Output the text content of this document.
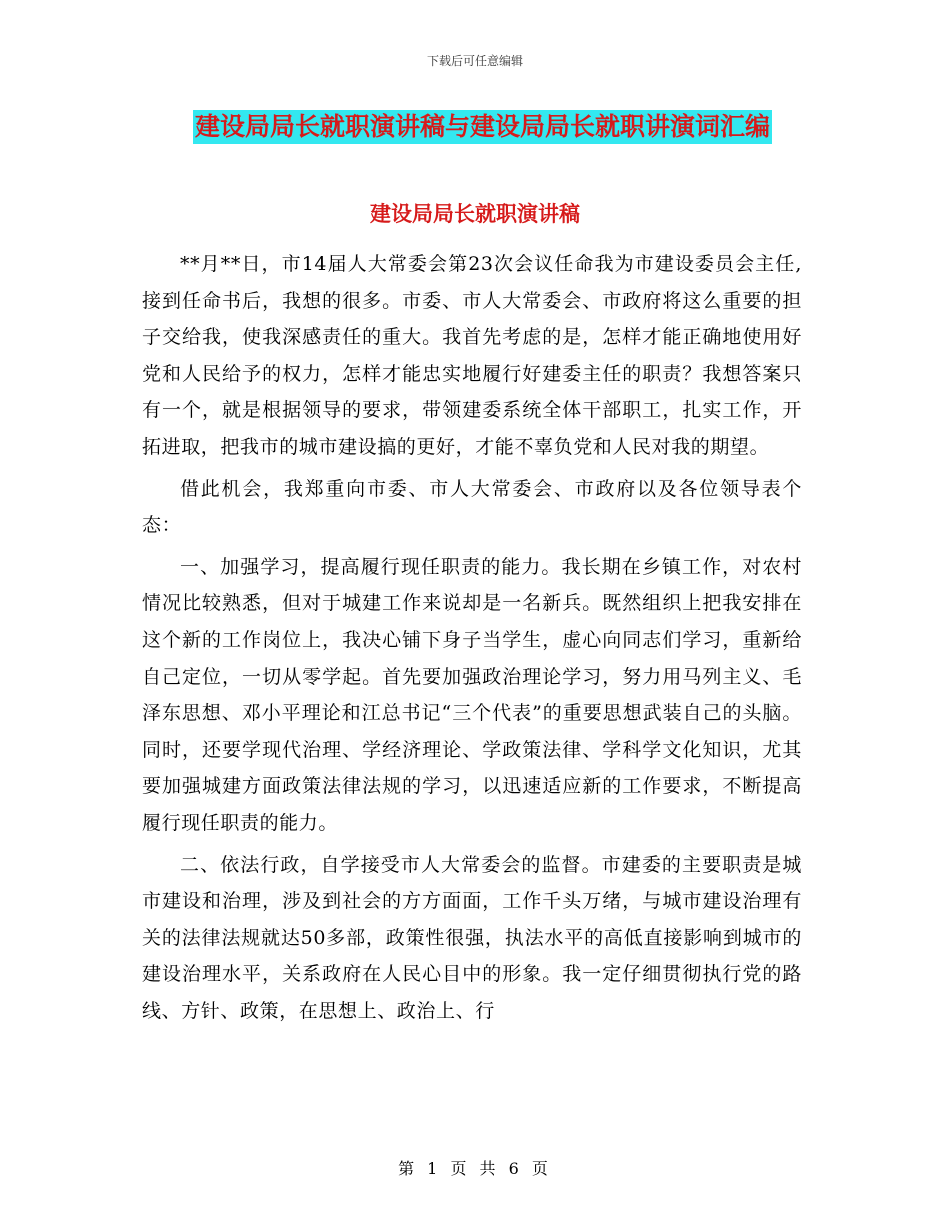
下载后可任意编辑
建设局局长就职演讲稿与建设局局长就职讲演词汇编
建设局局长就职演讲稿

**月**日，市14届人大常委会第23次会议任命我为市建设委员会主任,接到任命书后，我想的很多。市委、市人大常委会、市政府将这么重要的担子交给我，使我深感责任的重大。我首先考虑的是，怎样才能正确地使用好党和人民给予的权力，怎样才能忠实地履行好建委主任的职责？我想答案只有一个，就是根据领导的要求，带领建委系统全体干部职工，扎实工作，开拓进取，把我市的城市建设搞的更好，才能不辜负党和人民对我的期望。

借此机会，我郑重向市委、市人大常委会、市政府以及各位领导表个态：

一、加强学习，提高履行现任职责的能力。我长期在乡镇工作，对农村情况比较熟悉，但对于城建工作来说却是一名新兵。既然组织上把我安排在这个新的工作岗位上，我决心铺下身子当学生，虚心向同志们学习，重新给自己定位，一切从零学起。首先要加强政治理论学习，努力用马列主义、毛泽东思想、邓小平理论和江总书记“三个代表”的重要思想武装自己的头脑。同时，还要学现代治理、学经济理论、学政策法律、学科学文化知识，尤其要加强城建方面政策法律法规的学习，以迅速适应新的工作要求，不断提高履行现任职责的能力。

二、依法行政，自学接受市人大常委会的监督。市建委的主要职责是城市建设和治理，涉及到社会的方方面面，工作千头万绪，与城市建设治理有关的法律法规就达50多部，政策性很强，执法水平的高低直接影响到城市的建设治理水平，关系政府在人民心目中的形象。我一定仔细贯彻执行党的路线、方针、政策，在思想上、政治上、行

第 1 页 共 6 页
